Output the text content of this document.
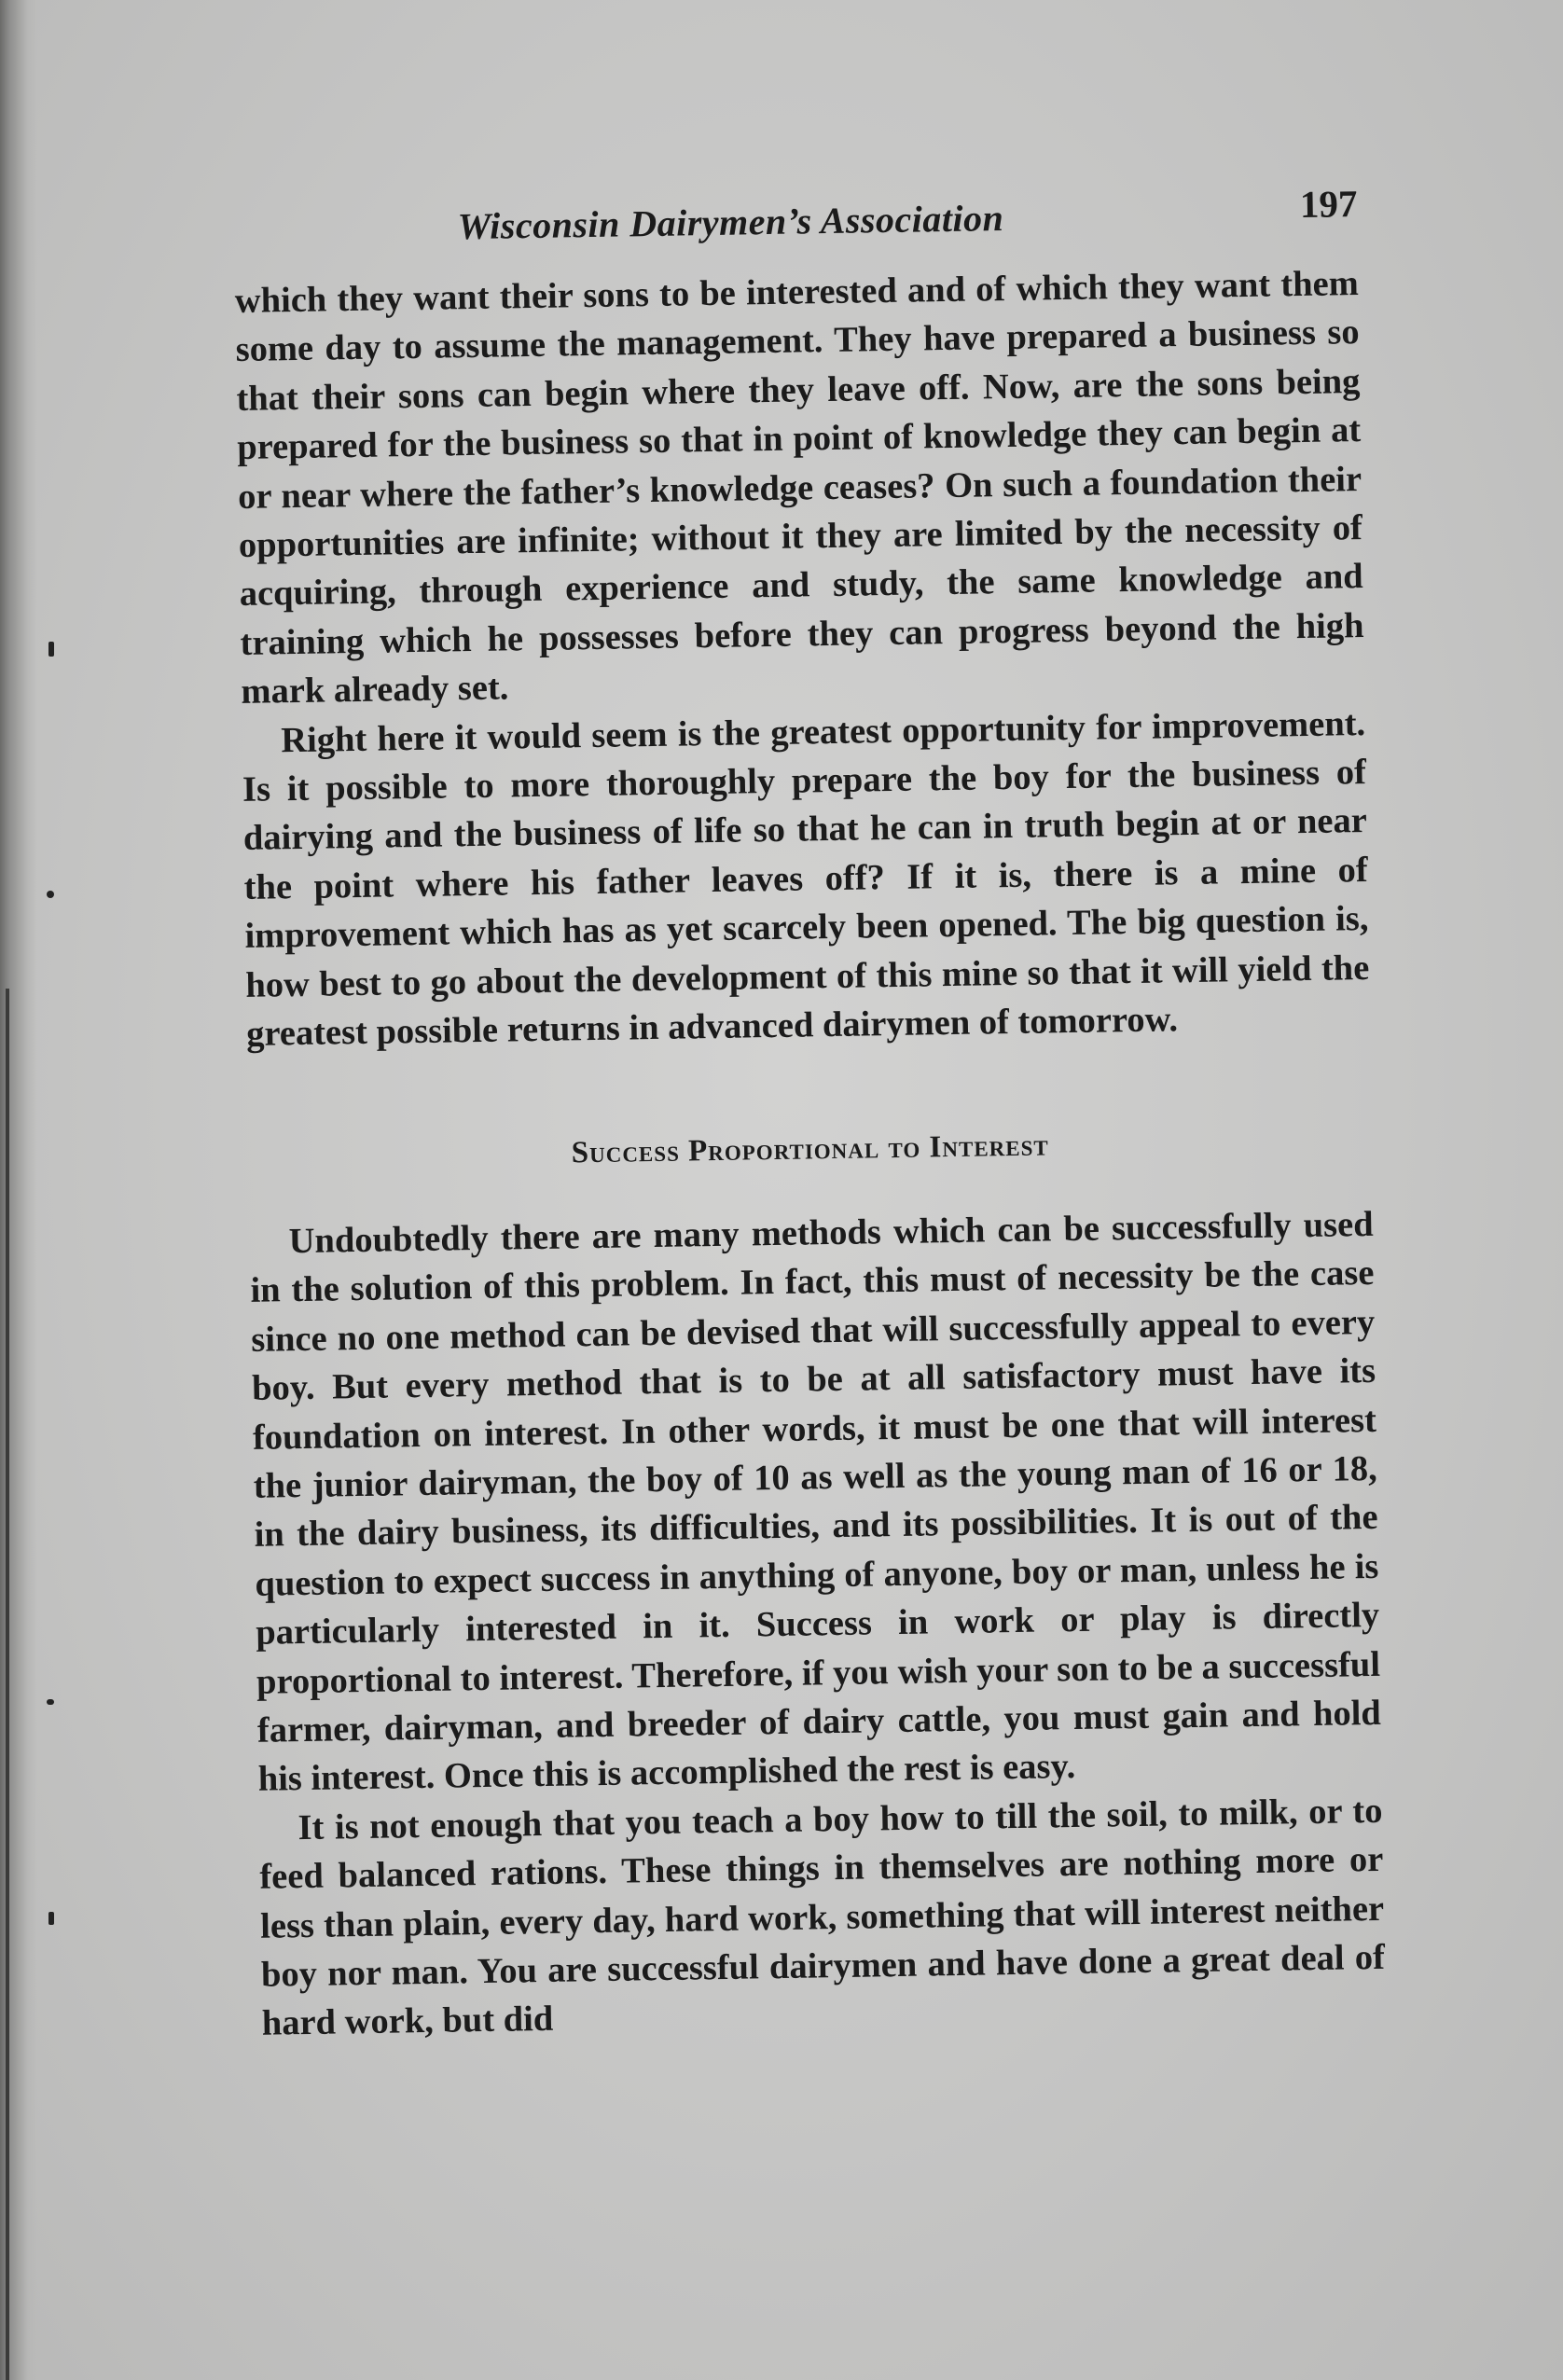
Wisconsin Dairymen’s Association	197

which they want their sons to be interested and of which they want them some day to assume the management. They have prepared a business so that their sons can begin where they leave off. Now, are the sons being prepared for the business so that in point of knowledge they can begin at or near where the father’s knowledge ceases? On such a foundation their opportunities are infinite; without it they are limited by the necessity of acquiring, through experience and study, the same knowledge and training which he possesses before they can progress beyond the high mark already set.

Right here it would seem is the greatest opportunity for improvement. Is it possible to more thoroughly prepare the boy for the business of dairying and the business of life so that he can in truth begin at or near the point where his father leaves off? If it is, there is a mine of improvement which has as yet scarcely been opened. The big question is, how best to go about the development of this mine so that it will yield the greatest possible returns in advanced dairymen of tomorrow.

Success Proportional to Interest

Undoubtedly there are many methods which can be successfully used in the solution of this problem. In fact, this must of necessity be the case since no one method can be devised that will successfully appeal to every boy. But every method that is to be at all satisfactory must have its foundation on interest. In other words, it must be one that will interest the junior dairyman, the boy of 10 as well as the young man of 16 or 18, in the dairy business, its difficulties, and its possibilities. It is out of the question to expect success in anything of anyone, boy or man, unless he is particularly interested in it. Success in work or play is directly proportional to interest. Therefore, if you wish your son to be a successful farmer, dairyman, and breeder of dairy cattle, you must gain and hold his interest. Once this is accomplished the rest is easy.

It is not enough that you teach a boy how to till the soil, to milk, or to feed balanced rations. These things in themselves are nothing more or less than plain, every day, hard work, something that will interest neither boy nor man. You are successful dairymen and have done a great deal of hard work, but did
